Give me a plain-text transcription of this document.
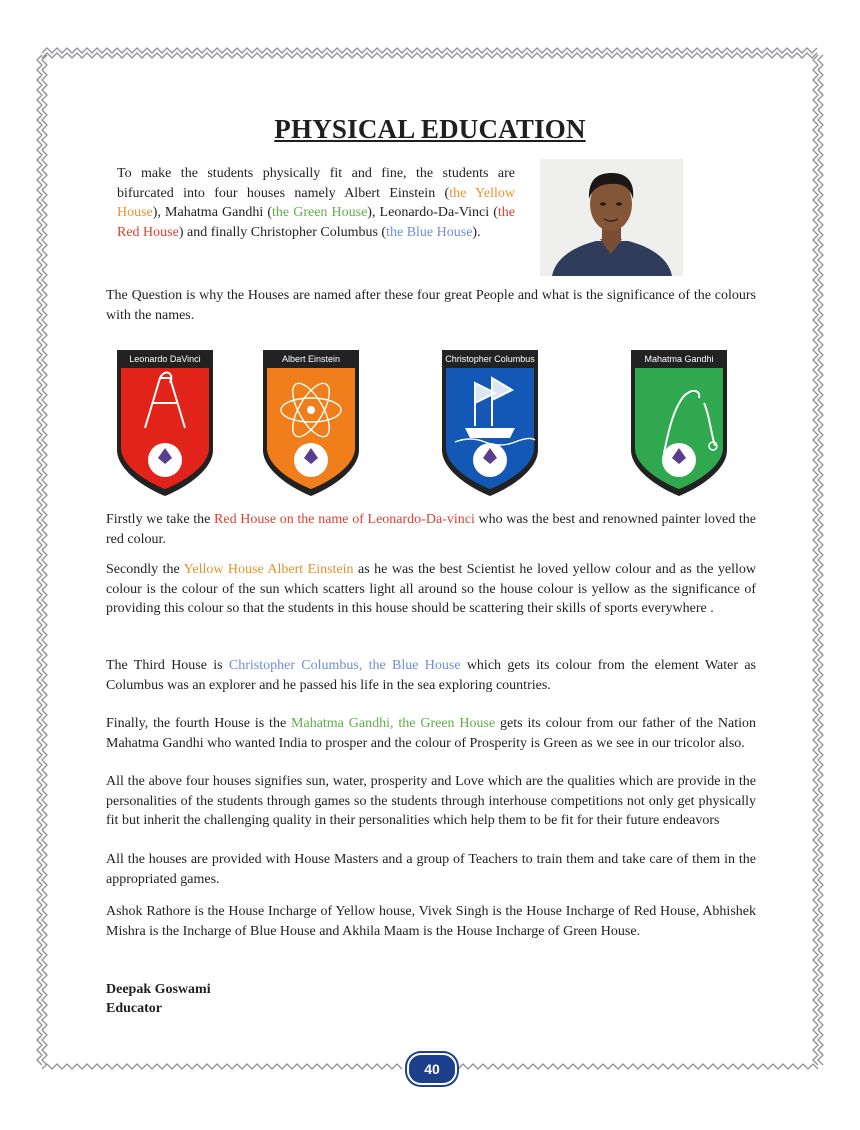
PHYSICAL EDUCATION
To make the students physically fit and fine, the students are bifurcated into four houses namely Albert Einstein (the Yellow House), Mahatma Gandhi (the Green House), Leonardo-Da-Vinci (the Red House) and finally Christopher Columbus (the Blue House).
The Question is why the Houses are named after these four great People and what is the significance of the colours with the names.
Leonardo DaVinci	Albert Einstein	Christopher Columbus	Mahatma Gandhi
Firstly we take the Red House on the name of Leonardo-Da-vinci who was the best and renowned painter loved the red colour.
Secondly the Yellow House Albert Einstein as he was the best Scientist he loved yellow colour and as the yellow colour is the colour of the sun which scatters light all around so the house colour is yellow as the significance of providing this colour so that the students in this house should be scattering their skills of sports everywhere .
The Third House is Christopher Columbus, the Blue House which gets its colour from the element Water as Columbus was an explorer and he passed his life in the sea exploring countries.
Finally, the fourth House is the Mahatma Gandhi, the Green House gets its colour from our father of the Nation Mahatma Gandhi who wanted India to prosper and the colour of Prosperity is Green as we see in our tricolor also.
All the above four houses signifies sun, water, prosperity and Love which are the qualities which are provide in the personalities of the students through games so the students through interhouse competitions not only get physically fit but inherit the challenging quality in their personalities which help them to be fit for their future endeavors
All the houses are provided with House Masters and a group of Teachers to train them and take care of them in the appropriated games.
Ashok Rathore is the House Incharge of Yellow house, Vivek Singh is the House Incharge of Red House, Abhishek Mishra is the Incharge of Blue House and Akhila Maam is the House Incharge of Green House.
Deepak Goswami
Educator
40
